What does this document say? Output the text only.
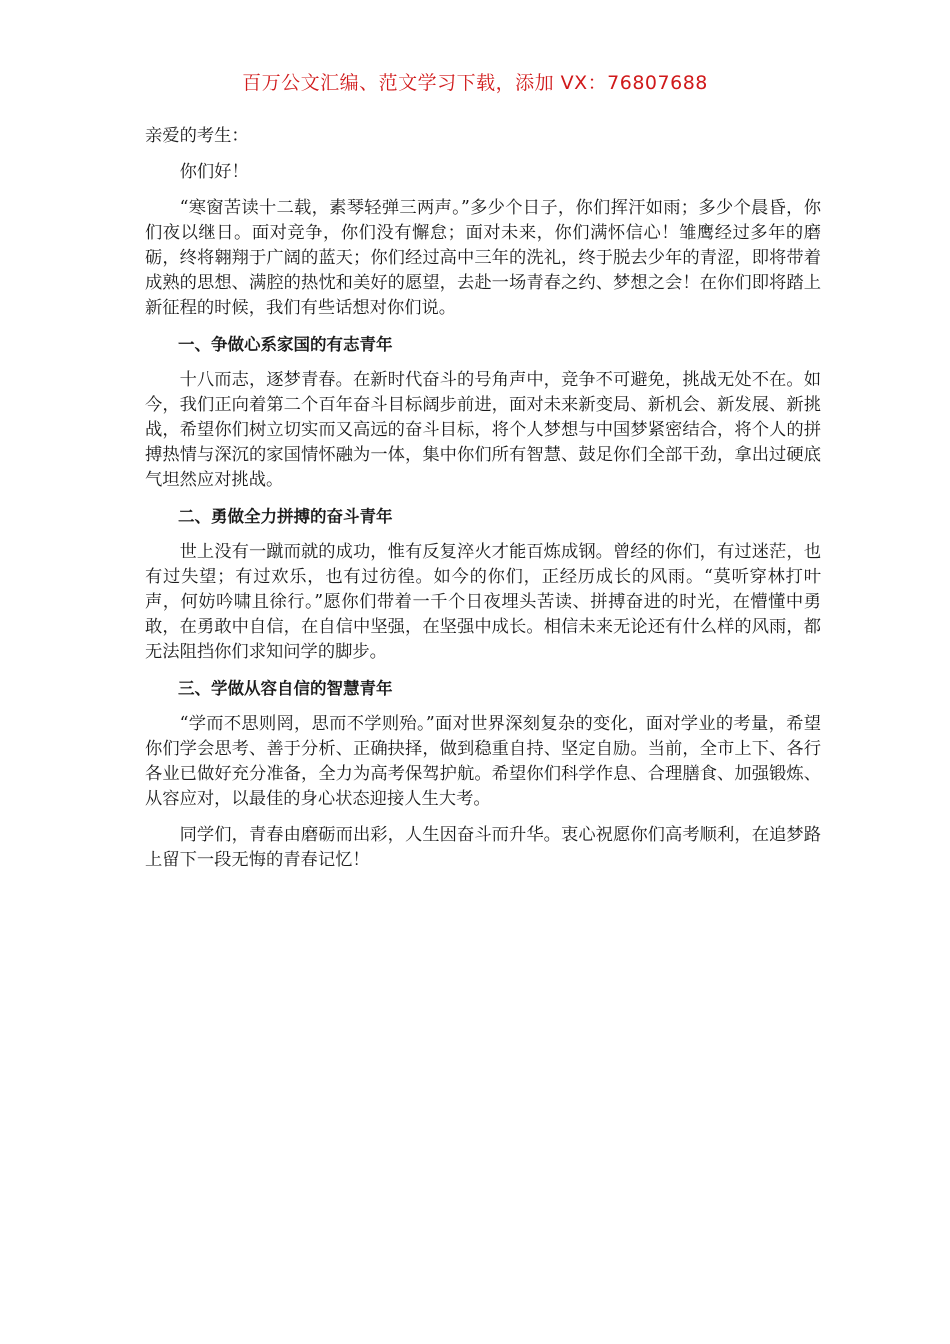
百万公文汇编、范文学习下载，添加 VX：76807688

亲爱的考生：

你们好！

“寒窗苦读十二载，素琴轻弹三两声。”多少个日子，你们挥汗如雨；多少个晨昏，你们夜以继日。面对竞争，你们没有懈怠；面对未来，你们满怀信心！雏鹰经过多年的磨砺，终将翱翔于广阔的蓝天；你们经过高中三年的洗礼，终于脱去少年的青涩，即将带着成熟的思想、满腔的热忱和美好的愿望，去赴一场青春之约、梦想之会！在你们即将踏上新征程的时候，我们有些话想对你们说。

一、争做心系家国的有志青年

十八而志，逐梦青春。在新时代奋斗的号角声中，竞争不可避免，挑战无处不在。如今，我们正向着第二个百年奋斗目标阔步前进，面对未来新变局、新机会、新发展、新挑战，希望你们树立切实而又高远的奋斗目标，将个人梦想与中国梦紧密结合，将个人的拼搏热情与深沉的家国情怀融为一体，集中你们所有智慧、鼓足你们全部干劲，拿出过硬底气坦然应对挑战。

二、勇做全力拼搏的奋斗青年

世上没有一蹴而就的成功，惟有反复淬火才能百炼成钢。曾经的你们，有过迷茫，也有过失望；有过欢乐，也有过彷徨。如今的你们，正经历成长的风雨。“莫听穿林打叶声，何妨吟啸且徐行。”愿你们带着一千个日夜埋头苦读、拼搏奋进的时光，在懵懂中勇敢，在勇敢中自信，在自信中坚强，在坚强中成长。相信未来无论还有什么样的风雨，都无法阻挡你们求知问学的脚步。

三、学做从容自信的智慧青年

“学而不思则罔，思而不学则殆。”面对世界深刻复杂的变化，面对学业的考量，希望你们学会思考、善于分析、正确抉择，做到稳重自持、坚定自励。当前，全市上下、各行各业已做好充分准备，全力为高考保驾护航。希望你们科学作息、合理膳食、加强锻炼、从容应对，以最佳的身心状态迎接人生大考。

同学们，青春由磨砺而出彩，人生因奋斗而升华。衷心祝愿你们高考顺利，在追梦路上留下一段无悔的青春记忆！
